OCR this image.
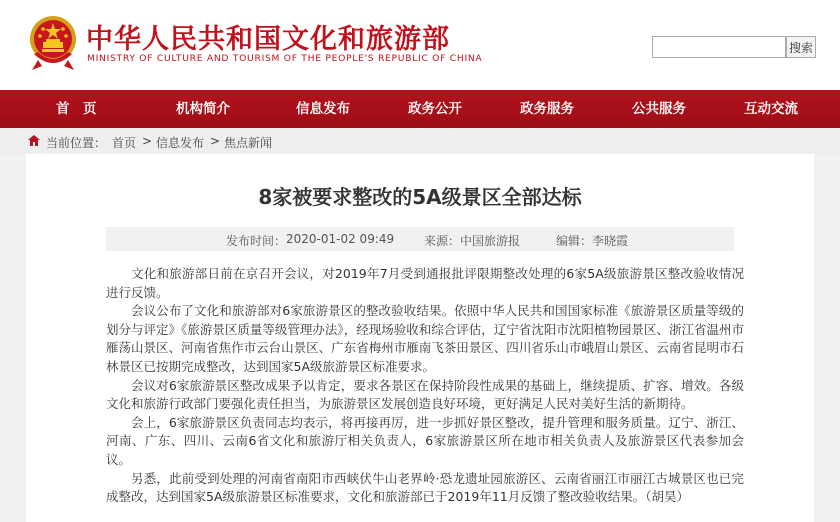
中华人民共和国文化和旅游部
MINISTRY OF CULTURE AND TOURISM OF THE PEOPLE'S REPUBLIC OF CHINA
搜索
首　页	机构简介	信息发布	政务公开	政务服务	公共服务	互动交流
当前位置： 首页 > 信息发布 > 焦点新闻
8家被要求整改的5A级景区全部达标
发布时间： 2020-01-02 09:49 来源： 中国旅游报	编辑： 李晓霞

文化和旅游部日前在京召开会议，对2019年7月受到通报批评限期整改处理的6家5A级旅游景区整改验收情况进行反馈。

会议公布了文化和旅游部对6家旅游景区的整改验收结果。依照中华人民共和国国家标准《旅游景区质量等级的划分与评定》《旅游景区质量等级管理办法》，经现场验收和综合评估，辽宁省沈阳市沈阳植物园景区、浙江省温州市雁荡山景区、河南省焦作市云台山景区、广东省梅州市雁南飞茶田景区、四川省乐山市峨眉山景区、云南省昆明市石林景区已按期完成整改，达到国家5A级旅游景区标准要求。

会议对6家旅游景区整改成果予以肯定，要求各景区在保持阶段性成果的基础上，继续提质、扩容、增效。各级文化和旅游行政部门要强化责任担当，为旅游景区发展创造良好环境，更好满足人民对美好生活的新期待。

会上，6家旅游景区负责同志均表示，将再接再厉，进一步抓好景区整改，提升管理和服务质量。辽宁、浙江、河南、广东、四川、云南6省文化和旅游厅相关负责人，6家旅游景区所在地市相关负责人及旅游景区代表参加会议。

另悉，此前受到处理的河南省南阳市西峡伏牛山老界岭·恐龙遗址园旅游区、云南省丽江市丽江古城景区也已完成整改，达到国家5A级旅游景区标准要求，文化和旅游部已于2019年11月反馈了整改验收结果。（胡昊）
